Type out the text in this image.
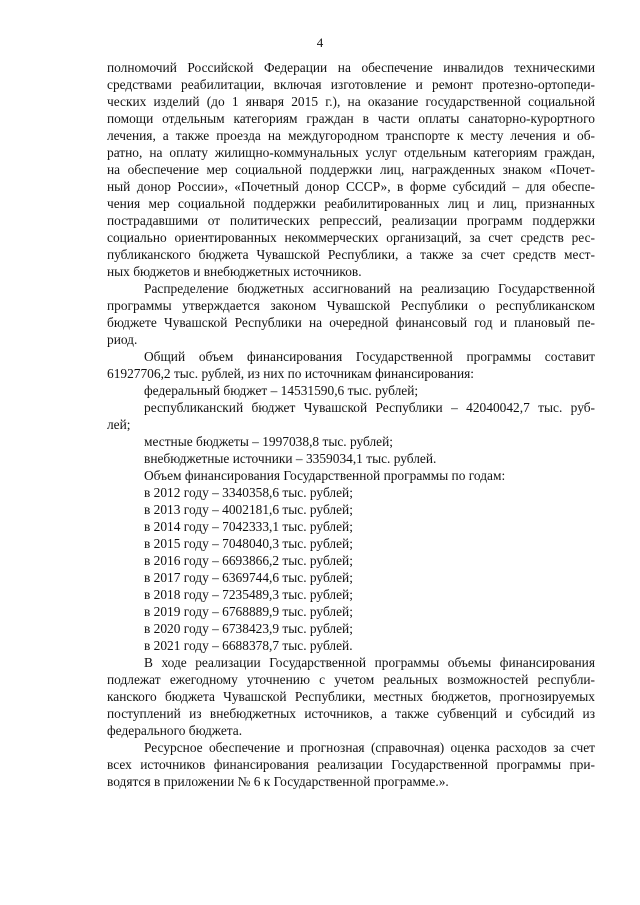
4
полномочий Российской Федерации на обеспечение инвалидов техническими
средствами реабилитации, включая изготовление и ремонт протезно-ортопеди-
ческих изделий (до 1 января 2015 г.), на оказание государственной социальной
помощи отдельным категориям граждан в части оплаты санаторно-курортного
лечения, а также проезда на междугородном транспорте к месту лечения и об-
ратно, на оплату жилищно-коммунальных услуг отдельным категориям граждан,
на обеспечение мер социальной поддержки лиц, награжденных знаком «Почет-
ный донор России», «Почетный донор СССР», в форме субсидий – для обеспе-
чения мер социальной поддержки реабилитированных лиц и лиц, признанных
пострадавшими от политических репрессий, реализации программ поддержки
социально ориентированных некоммерческих организаций, за счет средств рес-
публиканского бюджета Чувашской Республики, а также за счет средств мест-
ных бюджетов и внебюджетных источников.
Распределение бюджетных ассигнований на реализацию Государственной
программы утверждается законом Чувашской Республики о республиканском
бюджете Чувашской Республики на очередной финансовый год и плановый пе-
риод.
Общий объем финансирования Государственной программы составит
61927706,2 тыс. рублей, из них по источникам финансирования:
федеральный бюджет – 14531590,6 тыс. рублей;
республиканский бюджет Чувашской Республики – 42040042,7 тыс. руб-
лей;
местные бюджеты – 1997038,8 тыс. рублей;
внебюджетные источники – 3359034,1 тыс. рублей.
Объем финансирования Государственной программы по годам:
в 2012 году – 3340358,6 тыс. рублей;
в 2013 году – 4002181,6 тыс. рублей;
в 2014 году – 7042333,1 тыс. рублей;
в 2015 году – 7048040,3 тыс. рублей;
в 2016 году – 6693866,2 тыс. рублей;
в 2017 году – 6369744,6 тыс. рублей;
в 2018 году – 7235489,3 тыс. рублей;
в 2019 году – 6768889,9 тыс. рублей;
в 2020 году – 6738423,9 тыс. рублей;
в 2021 году – 6688378,7 тыс. рублей.
В ходе реализации Государственной программы объемы финансирования
подлежат ежегодному уточнению с учетом реальных возможностей республи-
канского бюджета Чувашской Республики, местных бюджетов, прогнозируемых
поступлений из внебюджетных источников, а также субвенций и субсидий из
федерального бюджета.
Ресурсное обеспечение и прогнозная (справочная) оценка расходов за счет
всех источников финансирования реализации Государственной программы при-
водятся в приложении № 6 к Государственной программе.».
